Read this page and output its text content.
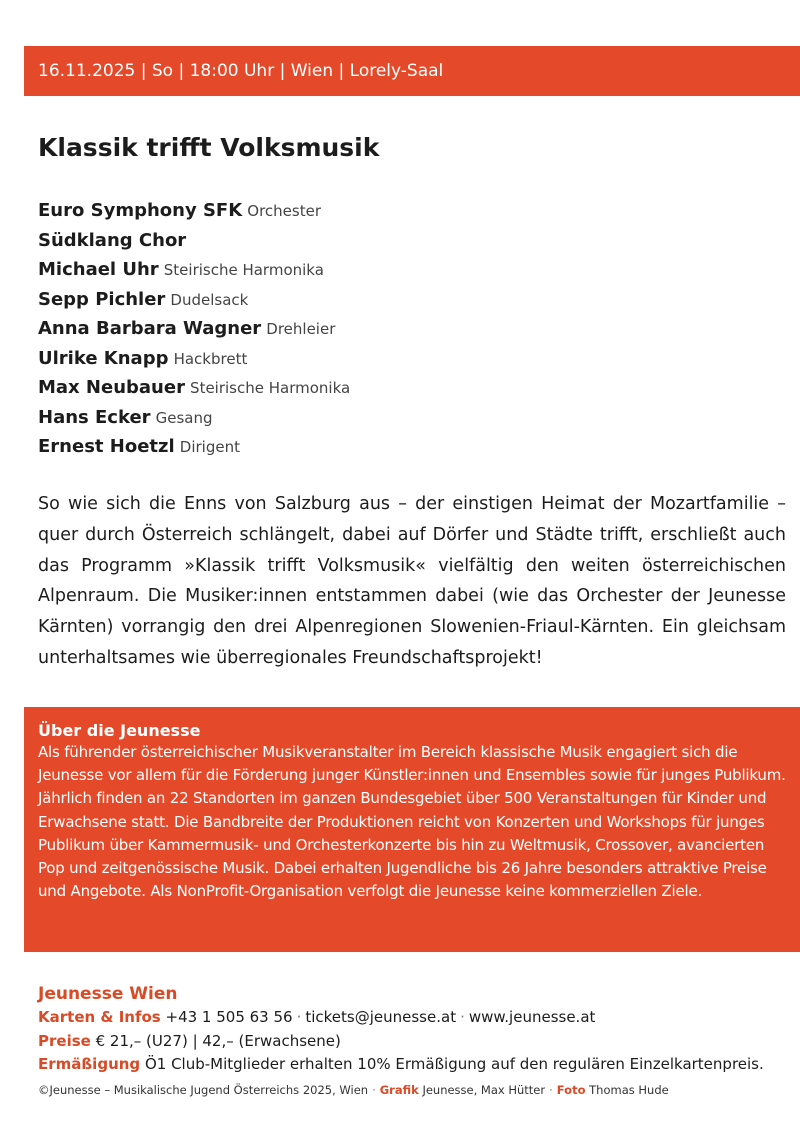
16.11.2025 | So | 18:00 Uhr | Wien | Lorely-Saal
Klassik trifft Volksmusik
Euro Symphony SFK Orchester
Südklang Chor
Michael Uhr Steirische Harmonika
Sepp Pichler Dudelsack
Anna Barbara Wagner Drehleier
Ulrike Knapp Hackbrett
Max Neubauer Steirische Harmonika
Hans Ecker Gesang
Ernest Hoetzl Dirigent

So wie sich die Enns von Salzburg aus – der einstigen Heimat der Mozartfamilie – quer durch Österreich schlängelt, dabei auf Dörfer und Städte trifft, erschließt auch das Programm »Klassik trifft Volksmusik« vielfältig den weiten österreichischen Alpenraum. Die Musiker:innen entstammen dabei (wie das Orchester der Jeunesse Kärnten) vorrangig den drei Alpenregionen Slowenien-Friaul-Kärnten. Ein gleichsam unterhaltsames wie überregionales Freundschaftsprojekt!

Über die Jeunesse

Als führender österreichischer Musikveranstalter im Bereich klassische Musik engagiert sich die Jeunesse vor allem für die Förderung junger Künstler:innen und Ensembles sowie für junges Publikum. Jährlich finden an 22 Standorten im ganzen Bundesgebiet über 500 Veranstaltungen für Kinder und Erwachsene statt. Die Bandbreite der Produktionen reicht von Konzerten und Workshops für junges Publikum über Kammermusik- und Orchesterkonzerte bis hin zu Weltmusik, Crossover, avancierten Pop und zeitgenössische Musik. Dabei erhalten Jugendliche bis 26 Jahre besonders attraktive Preise und Angebote. Als NonProfit-Organisation verfolgt die Jeunesse keine kommerziellen Ziele.

Jeunesse Wien

Karten & Infos +43 1 505 63 56 · tickets@jeunesse.at · www.jeunesse.at

Preise € 21,– (U27) | 42,– (Erwachsene)

Ermäßigung Ö1 Club-Mitglieder erhalten 10% Ermäßigung auf den regulären Einzelkartenpreis.

©Jeunesse – Musikalische Jugend Österreichs 2025, Wien · Grafik Jeunesse, Max Hütter · Foto Thomas Hude
